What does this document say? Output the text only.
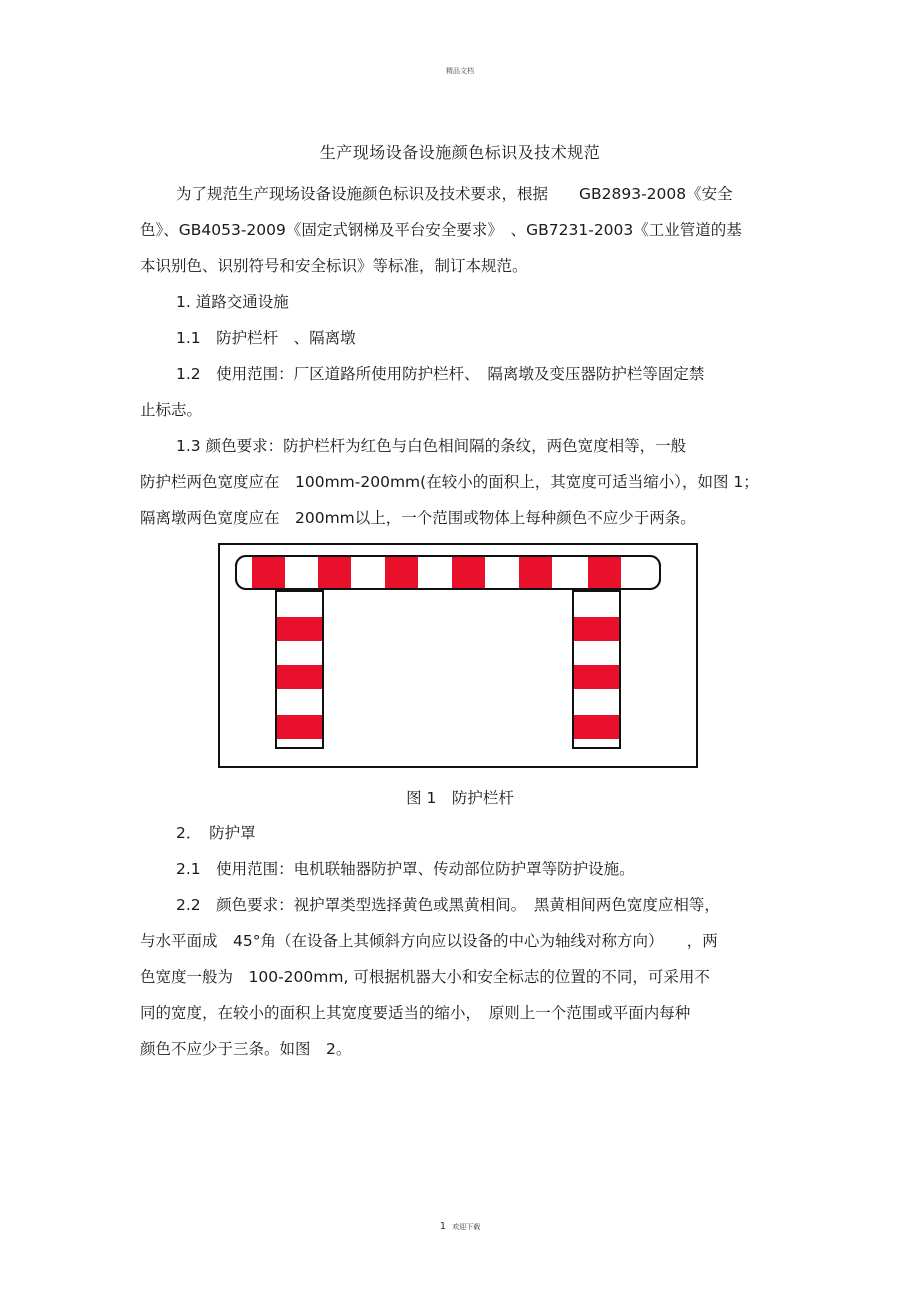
精品文档
生产现场设备设施颜色标识及技术规范
为了规范生产现场设备设施颜色标识及技术要求，根据　　GB2893-2008《安全
色》、GB4053-2009《固定式钢梯及平台安全要求》　、GB7231-2003《工业管道的基
本识别色、识别符号和安全标识》等标准，制订本规范。
1. 道路交通设施
1.1　防护栏杆　、隔离墩
1.2　使用范围：厂区道路所使用防护栏杆、　隔离墩及变压器防护栏等固定禁
止标志。
1.3 颜色要求：防护栏杆为红色与白色相间隔的条纹，两色宽度相等，一般
防护栏两色宽度应在　100mm-200mm(在较小的面积上，其宽度可适当缩小），如图 1；
隔离墩两色宽度应在　200mm以上，一个范围或物体上每种颜色不应少于两条。
图 1　防护栏杆
2．　防护罩
2.1　使用范围：电机联轴器防护罩、传动部位防护罩等防护设施。
2.2　颜色要求：视护罩类型选择黄色或黑黄相间。　黑黄相间两色宽度应相等，
与水平面成　45°角（在设备上其倾斜方向应以设备的中心为轴线对称方向）　　，两
色宽度一般为　100-200mm, 可根据机器大小和安全标志的位置的不同，可采用不
同的宽度，在较小的面积上其宽度要适当的缩小，　原则上一个范围或平面内每种
颜色不应少于三条。如图　2。
1 欢迎下载
